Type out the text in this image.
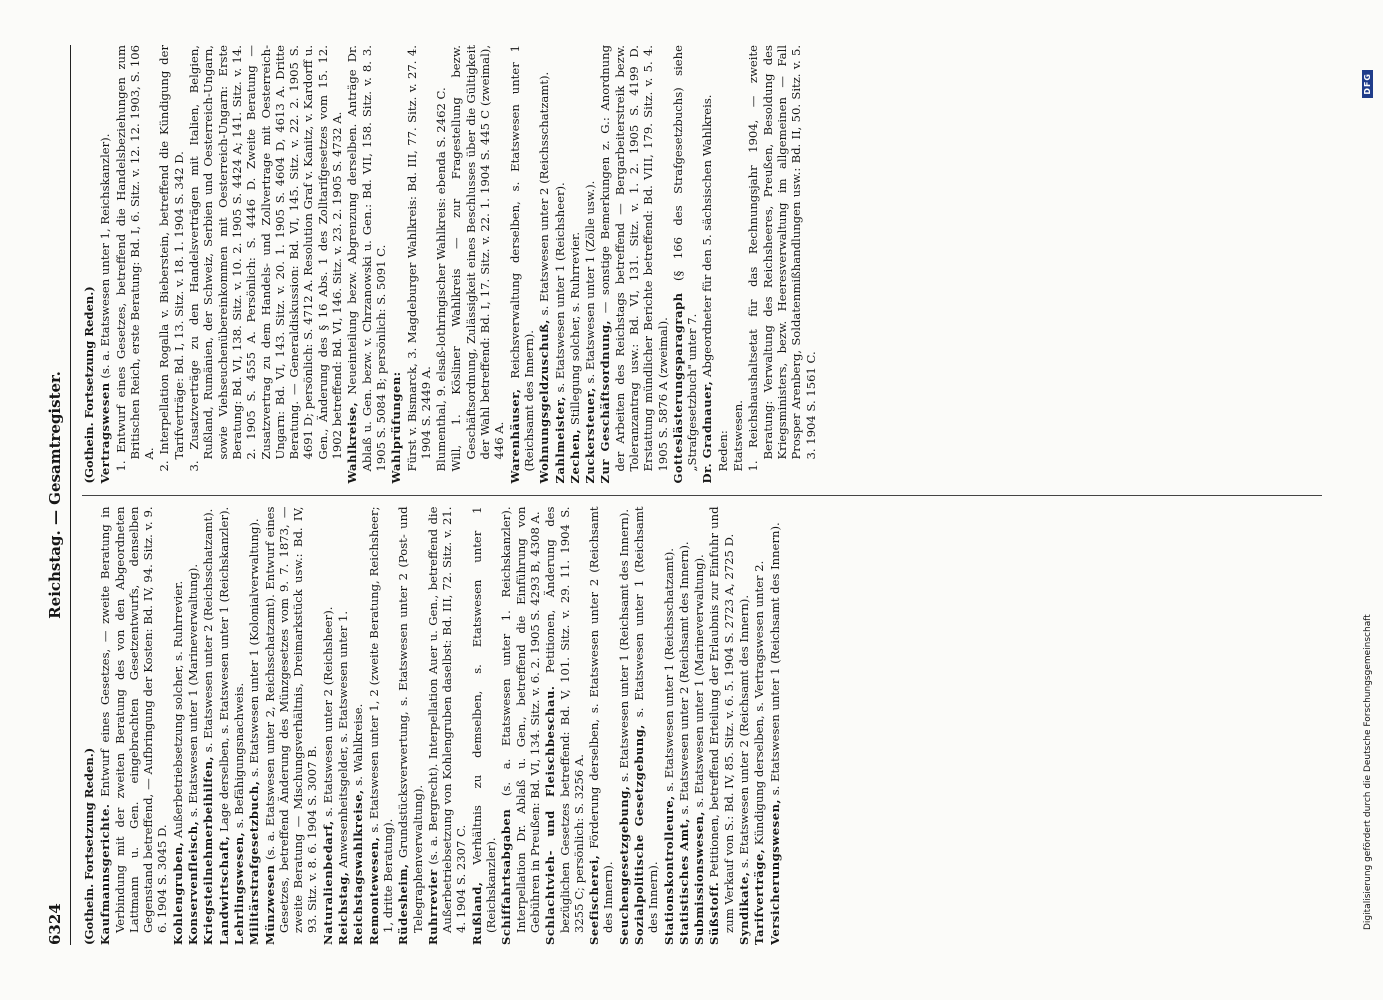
6324
Reichstag. — Gesamtregister.

(Gothein. Fortsetzung Reden.) Kaufmannsgerichte. Entwurf eines Gesetzes, — zweite Beratung in Verbindung mit der zweiten Beratung des von den Abgeordneten Lattmann u. Gen. eingebrachten Gesetzentwurfs, denselben Gegenstand betreffend, — Aufbringung der Kosten: Bd. IV, 94. Sitz. v. 9. 6. 1904 S. 3045 D. Kohlengruben, Außerbetriebsetzung solcher, s. Ruhrrevier.

Konservenfleisch, s. Etatswesen unter 1 (Marineverwaltung).

Kriegsteilnehmerbeihilfen, s. Etatswesen unter 2 (Reichsschatzamt).

Landwirtschaft, Lage derselben, s. Etatswesen unter 1 (Reichskanzler).

Lehrlingswesen, s. Befähigungsnachweis.

Militärstrafgesetzbuch, s. Etatswesen unter 1 (Kolonialverwaltung).

Münzwesen (s. a. Etatswesen unter 2, Reichsschatzamt). Entwurf eines Gesetzes, betreffend Änderung des Münzgesetzes vom 9. 7. 1873, — zweite Beratung — Mischungsverhältnis, Dreimarkstück usw.: Bd. IV, 93. Sitz. v. 8. 6. 1904 S. 3007 B. Naturalienbedarf, s. Etatswesen unter 2 (Reichsheer).

Reichstag, Anwesenheitsgelder, s. Etatswesen unter 1. Reichstagswahlkreise, s. Wahlkreise.

Remontewesen, s. Etatswesen unter 1, 2 (zweite Beratung, Reichsheer; 1, dritte Beratung). Rüdesheim, Grundstücksverwertung, s. Etatswesen unter 2 (Post- und Telegraphenverwaltung). Ruhrrevier (s. a. Bergrecht). Interpellation Auer u. Gen., betreffend die Außerbetriebsetzung von Kohlengruben daselbst: Bd. III, 72. Sitz. v. 21. 4. 1904 S. 2307 C. Rußland, Verhältnis zu demselben, s. Etatswesen unter 1 (Reichskanzler). Schiffahrtsabgaben (s. a. Etatswesen unter 1. Reichskanzler). Interpellation Dr. Ablaß u. Gen., betreffend die Einführung von Gebühren in Preußen: Bd. VI, 134. Sitz. v. 6. 2. 1905 S. 4293 B, 4308 A. Schlachtvieh- und Fleischbeschau. Petitionen, Änderung des bezüglichen Gesetzes betreffend: Bd. V, 101. Sitz. v. 29. 11. 1904 S. 3255 C; persönlich: S. 3256 A. Seefischerei, Förderung derselben, s. Etatswesen unter 2 (Reichsamt des Innern). Seuchengesetzgebung, s. Etatswesen unter 1 (Reichsamt des Innern).

Sozialpolitische Gesetzgebung, s. Etatswesen unter 1 (Reichsamt des Innern). Stationskontrolleure, s. Etatswesen unter 1 (Reichsschatzamt).

Statistisches Amt, s. Etatswesen unter 2 (Reichsamt des Innern).

Submissionswesen, s. Etatswesen unter 1 (Marineverwaltung).

Süßstoff. Petitionen, betreffend Erteilung der Erlaubnis zur Einfuhr und zum Verkauf von S.: Bd. IV, 85. Sitz. v. 6. 5. 1904 S. 2723 A, 2725 D. Syndikate, s. Etatswesen unter 2 (Reichsamt des Innern).

Tarifverträge, Kündigung derselben, s. Vertragswesen unter 2.

Versicherungswesen, s. Etatswesen unter 1 (Reichsamt des Innern).

(Gothein. Fortsetzung Reden.) Vertragswesen (s. a. Etatswesen unter 1, Reichskanzler). 1. Entwurf eines Gesetzes, betreffend die Handelsbeziehungen zum Britischen Reich, erste Beratung: Bd. I, 6. Sitz. v. 12. 12. 1903, S. 106 A. 2. Interpellation Rogalla v. Bieberstein, betreffend die Kündigung der Tarifverträge: Bd. I, 13. Sitz. v. 18. 1. 1904 S. 342 D. 3. Zusatzverträge zu den Handelsverträgen mit Italien, Belgien, Rußland, Rumänien, der Schweiz, Serbien und Oesterreich-Ungarn, sowie Viehseuchenübereinkommen mit Oesterreich-Ungarn: Erste Beratung: Bd. VI, 138. Sitz. v. 10. 2. 1905 S. 4424 A; 141. Sitz. v. 14. 2. 1905 S. 4555 A. Persönlich: S. 4446 D. Zweite Beratung — Zusatzvertrag zu dem Handels- und Zollvertrage mit Oesterreich-Ungarn: Bd. VI, 143. Sitz. v. 20. 1. 1905 S. 4604 D, 4613 A. Dritte Beratung. — Generaldiskussion: Bd. VI, 145. Sitz. v. 22. 2. 1905 S. 4691 D; persönlich: S. 4712 A. Resolution Graf v. Kanitz, v. Kardorff u. Gen., Änderung des § 16 Abs. 1 des Zolltarifgesetzes vom 15. 12. 1902 betreffend: Bd. VI, 146. Sitz. v. 23. 2. 1905 S. 4732 A. Wahlkreise, Neueinteilung bezw. Abgrenzung derselben. Anträge Dr. Ablaß u. Gen. bezw. v. Chrzanowski u. Gen.: Bd. VII, 158. Sitz. v. 8. 3. 1905 S. 5084 B; persönlich: S. 5091 C. Wahlprüfungen: Fürst v. Bismarck, 3. Magdeburger Wahlkreis: Bd. III, 77. Sitz. v. 27. 4. 1904 S. 2449 A. Blumenthal, 9. elsaß-lothringischer Wahlkreis: ebenda S. 2462 C. Will, 1. Kösliner Wahlkreis — zur Fragestellung bezw. Geschäftsordnung, Zulässigkeit eines Beschlusses über die Gültigkeit der Wahl betreffend: Bd. I, 17. Sitz. v. 22. 1. 1904 S. 445 C (zweimal), 446 A. Warenhäuser, Reichsverwaltung derselben, s. Etatswesen unter 1 (Reichsamt des Innern). Wohnungsgeldzuschuß, s. Etatswesen unter 2 (Reichsschatzamt).

Zahlmeister, s. Etatswesen unter 1 (Reichsheer).

Zechen, Stillegung solcher, s. Ruhrrevier.

Zuckersteuer, s. Etatswesen unter 1 (Zölle usw.).

Zur Geschäftsordnung, — sonstige Bemerkungen z. G.: Anordnung der Arbeiten des Reichstags betreffend — Bergarbeiterstreik bezw. Toleranzantrag usw.: Bd. VI, 131. Sitz. v. 1. 2. 1905 S. 4199 D. Erstattung mündlicher Berichte betreffend: Bd. VIII, 179. Sitz. v. 5. 4. 1905 S. 5876 A (zweimal). Gotteslästerungsparagraph (§ 166 des Strafgesetzbuchs) siehe „Strafgesetzbuch" unter 7. Dr. Gradnauer, Abgeordneter für den 5. sächsischen Wahlkreis.

Reden: Etatswesen. 1. Reichshaushaltsetat für das Rechnungsjahr 1904, — zweite Beratung: Verwaltung des Reichsheeres, Preußen, Besoldung des Kriegsministers, bezw. Heeresverwaltung im allgemeinen — Fall Prosper Arenberg, Soldatenmißhandlungen usw.: Bd. II, 50. Sitz. v. 5. 3. 1904 S. 1561 C.

Digitalisierung gefördert durch die Deutsche Forschungsgemeinschaft
DFG
